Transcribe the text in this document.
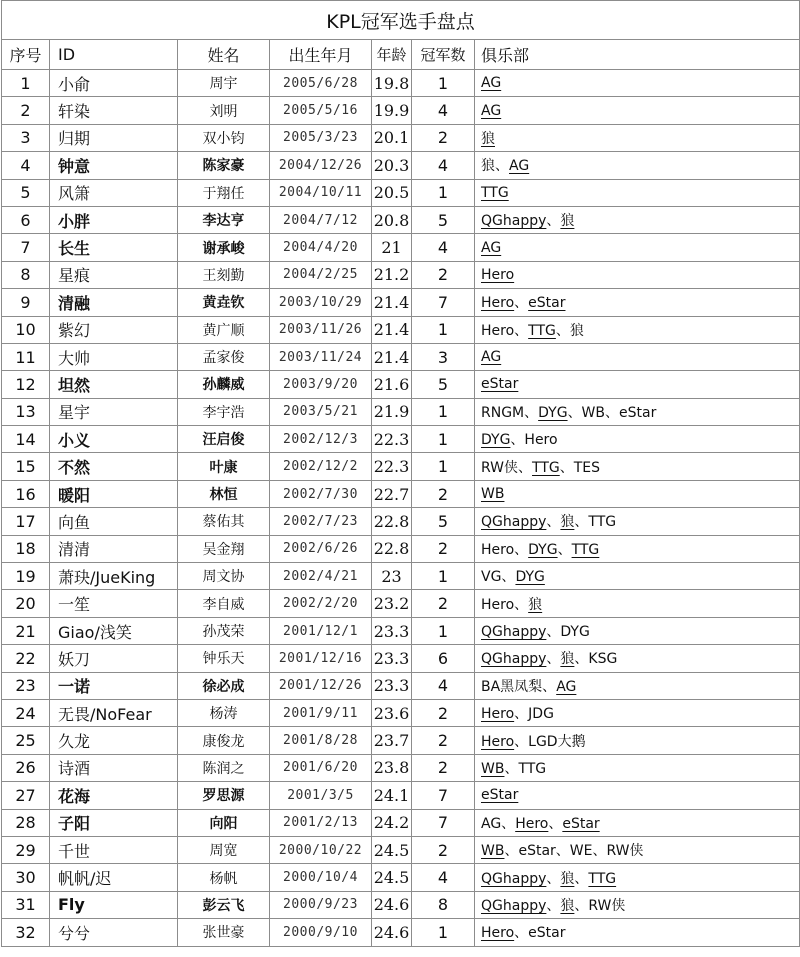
KPL冠军选手盘点						
序号	ID	姓名	出生年月	年龄	冠军数	俱乐部
1	小俞	周宇	2005/6/28	19.8	1	AG
2	轩染	刘明	2005/5/16	19.9	4	AG
3	归期	双小钧	2005/3/23	20.1	2	狼
4	钟意	陈家豪	2004/12/26	20.3	4	狼、AG
5	风箫	于翔任	2004/10/11	20.5	1	TTG
6	小胖	李达亨	2004/7/12	20.8	5	QGhappy、狼
7	长生	谢承峻	2004/4/20	21	4	AG
8	星痕	王刻勤	2004/2/25	21.2	2	Hero
9	清融	黄垚钦	2003/10/29	21.4	7	Hero、eStar
10	紫幻	黄广顺	2003/11/26	21.4	1	Hero、TTG、狼
11	大帅	孟家俊	2003/11/24	21.4	3	AG
12	坦然	孙麟威	2003/9/20	21.6	5	eStar
13	星宇	李宇浩	2003/5/21	21.9	1	RNGM、DYG、WB、eStar
14	小义	汪启俊	2002/12/3	22.3	1	DYG、Hero
15	不然	叶康	2002/12/2	22.3	1	RW侠、TTG、TES
16	暖阳	林恒	2002/7/30	22.7	2	WB
17	向鱼	蔡佑其	2002/7/23	22.8	5	QGhappy、狼、TTG
18	清清	吴金翔	2002/6/26	22.8	2	Hero、DYG、TTG
19	萧玦/JueKing	周文协	2002/4/21	23	1	VG、DYG
20	一笙	李自威	2002/2/20	23.2	2	Hero、狼
21	Giao/浅笑	孙茂荣	2001/12/1	23.3	1	QGhappy、DYG
22	妖刀	钟乐天	2001/12/16	23.3	6	QGhappy、狼、KSG
23	一诺	徐必成	2001/12/26	23.3	4	BA黑凤梨、AG
24	无畏/NoFear	杨涛	2001/9/11	23.6	2	Hero、JDG
25	久龙	康俊龙	2001/8/28	23.7	2	Hero、LGD大鹅
26	诗酒	陈润之	2001/6/20	23.8	2	WB、TTG
27	花海	罗思源	2001/3/5	24.1	7	eStar
28	子阳	向阳	2001/2/13	24.2	7	AG、Hero、eStar
29	千世	周宽	2000/10/22	24.5	2	WB、eStar、WE、RW侠
30	帆帆/迟	杨帆	2000/10/4	24.5	4	QGhappy、狼、TTG
31	Fly	彭云飞	2000/9/23	24.6	8	QGhappy、狼、RW侠
32	兮兮	张世豪	2000/9/10	24.6	1	Hero、eStar
